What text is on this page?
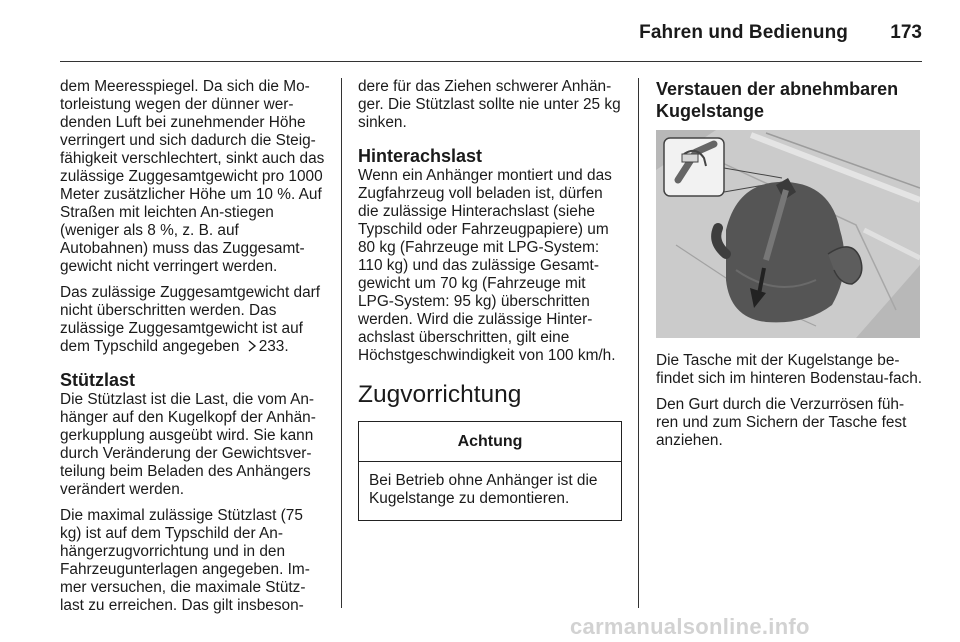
Fahren und Bedienung 173

dem Meeresspiegel. Da sich die Mo-torleistung wegen der dünner wer-denden Luft bei zunehmender Höhe verringert und sich dadurch die Steig-fähigkeit verschlechtert, sinkt auch das zulässige Zuggesamtgewicht pro 1000 Meter zusätzlicher Höhe um 10 %. Auf Straßen mit leichten An-stiegen (weniger als 8 %, z. B. auf Autobahnen) muss das Zuggesamt-gewicht nicht verringert werden.

Das zulässige Zuggesamtgewicht darf nicht überschritten werden. Das zulässige Zuggesamtgewicht ist auf dem Typschild angegeben 233.

Stützlast

Die Stützlast ist die Last, die vom An-hänger auf den Kugelkopf der Anhän-gerkupplung ausgeübt wird. Sie kann durch Veränderung der Gewichtsver-teilung beim Beladen des Anhängers verändert werden.

Die maximal zulässige Stützlast (75 kg) ist auf dem Typschild der An-hängerzugvorrichtung und in den Fahrzeugunterlagen angegeben. Im-mer versuchen, die maximale Stütz-last zu erreichen. Das gilt insbeson-

dere für das Ziehen schwerer Anhän-ger. Die Stützlast sollte nie unter 25 kg sinken.

Hinterachslast

Wenn ein Anhänger montiert und das Zugfahrzeug voll beladen ist, dürfen die zulässige Hinterachslast (siehe Typschild oder Fahrzeugpapiere) um 80 kg (Fahrzeuge mit LPG-System: 110 kg) und das zulässige Gesamt-gewicht um 70 kg (Fahrzeuge mit LPG-System: 95 kg) überschritten werden. Wird die zulässige Hinter-achslast überschritten, gilt eine Höchstgeschwindigkeit von 100 km/h.

Zugvorrichtung
Achtung
Bei Betrieb ohne Anhänger ist die Kugelstange zu demontieren.
Verstauen der abnehmbaren Kugelstange

Die Tasche mit der Kugelstange be-findet sich im hinteren Bodenstau-fach.

Den Gurt durch die Verzurrösen füh-ren und zum Sichern der Tasche fest anziehen.

carmanualsonline.info
